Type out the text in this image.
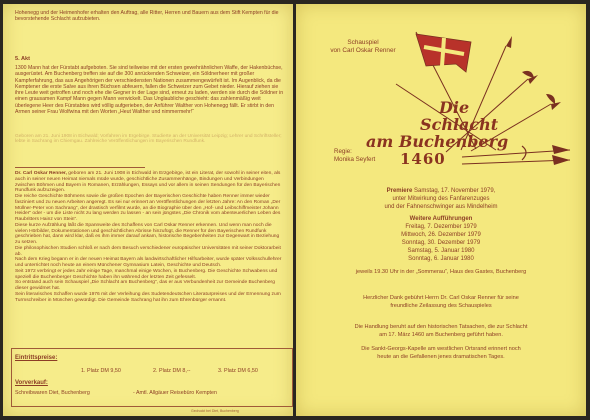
Hohenegg und der Heimenhofer erhalten den Auftrag, alle Ritter, Herren und Bauern aus dem Stift Kempten für die bevorstehende Schlacht aufzubieten.
5. Akt
1300 Mann hat der Fürstabt aufgeboten. Sie sind teilweise mit der ersten gewehrähnlichen Waffe, der Hakenbüchse, ausgerüstet. Am Buchenberg treffen sie auf die 300 anrückenden Schweizer, ein Söldnerheer mit großer Kampferfahrung, das aus Angehörigen der verschiedensten Nationen zusammengewürfelt ist. Im Augenblick, da die Kemptener die erste Salve aus ihren Büchsen abfeuern, fallen die Schweizer zum Gebet nieder. Hierauf ziehen sie ihre Leute weit getroffen und noch ehe die Gegner in der Lage sind, erneut zu laden, werden sie durch die Söldner in einen grausamen Kampf Mann gegen Mann verwickelt. Das Unglaubliche geschieht: das zahlenmäßig weit überlegene Heer des Fürstabtes wird völlig aufgerieben, der Anführer Walther von Hohenegg fällt. Er stirbt in den Armen seiner Frau Wolfwina mit den Worten „Heut Walther und nimmermehr!“
Geboren am 21. Juni 1908 in Eichwald; Vorfahren im Ergebirge. Studierte an der Universität Leipzig; Lehrer und Schriftsteller; lebte in Sachrang im Chiemgau. Zahlreiche Veröffentlichungen im Bayerischen Rundfunk.
Dr. Carl Oskar Renner, geboren am 21. Juni 1908 in Eichwald im Erzgebirge, ist ein Literat, der sowohl in seiner eiten, als auch in seiner neuen Heimat niemals müde wurde, geschichtliche Zusammenhänge, Bindungen und Verbindungen zwischen Böhmen und Bayern in Romanen, Erzählungen, Essays und vor allem in seinen Sendungen für den Bayerischen Rundfunk aufzuzeigen.
Die reiche Geschichte Böhmens sowie die großen Epochen der Bayerischen Geschichte haben Renner immer wieder fasziniert und zu neuen Arbeiten angeregt. Es sei nur erinnert an Veröffentlichungen der letzten Jahre: An den Roman „Der Müllner-Peter von Sachrang“, der drastisch verfilmt wurde, an die Biographie über den „Hof- und Leibschiffmeister Johann Heider“ oder - um die Liste nicht zu lang werden zu lassen - an sein jüngstes „Die Chronik vom abenteuerlichen Leben des Raubritters Hainz von Stein“.
Diese kurze Aufzählung läßt die Spannweite des Schaffens von Carl Oskar Renner erkennen. Und wenn man noch die vielen Hörbilder, Dokumentationen und geschichtlichen Abrisse hinzufügt, die Renner für den Bayerischen Rundfunk geschrieben hat, dann wird klar, daß es ihm immer darauf ankam, historische Begebenheiten zur Gegenwart in Beziehung zu setzen.
Die philosophischen Studien schloß er nach dem Besuch verschiedener europäischer Universitäten mit seiner Doktorarbeit ab.
Nach dem Krieg begann er in der neuen Heimat Bayern als landwirtschaftlicher Hilfsarbeiter, wurde später Volksschullehrer und unterrichtet noch heute an einem Münchener Gymnasium Latein, Geschichte und Deutsch.
Seit 1972 verbringt er jedes Jahr einige Tage, manchmal einige Wochen, in Buchenberg. Die Geschichte Schwabens und speziell die Buchenberger Geschichte haben ihn während der letzten Zeit gefesselt.
So entstand auch sein Schauspiel „Die Schlacht am Buchenberg“, das er aus Verbundenheit zur Gemeinde Buchenberg dieser gewidmet hat.
Sein literarisches Schaffen wurde 1976 mit der Verleihung des Sudetendeutschen Literaturpreises und der Ernennung zum Turmschreiber in München gewürdigt. Die Gemeinde Sachrang hat ihn zum Ehrenbürger ernannt.
Eintrittspreise:
1. Platz DM 9,50	2. Platz DM 8,--	3. Platz DM 6,50
Vorverkauf:
Schreibwaren Diet, Buchenberg	- Amtl. Allgäuer Reisebüro Kempten
Gedruckt bei Diet, Buchenberg
Schauspiel
von Carl Oskar Renner
Die
Schlacht
am Buchenberg
Regie:
Monika Seyfert 1460
Premiere Samstag, 17. November 1979,
unter Mitwirkung des Fanfarenzuges
und der Fahnenschwinger aus Mindelheim
Weitere Aufführungen
Freitag, 7. Dezember 1979
Mittwoch, 26. Dezember 1979
Sonntag, 30. Dezember 1979
Samstag, 5. Januar 1980
Sonntag, 6. Januar 1980
jeweils 19.30 Uhr in der „Sommerau“, Haus des Gastes, Buchenberg
Herzlicher Dank gebührt Herrn Dr. Carl Oskar Renner für seine
freundliche Zeilassung des Schauspieles
Die Handlung beruht auf den historischen Tatsachen, die zur Schlacht
am 17. März 1460 am Buchenberg geführt haben.
Die Sankt-Georgs-Kapelle am westlichen Ortsrand erinnert noch
heute an die Gefallenen jenes dramatischen Tages.
